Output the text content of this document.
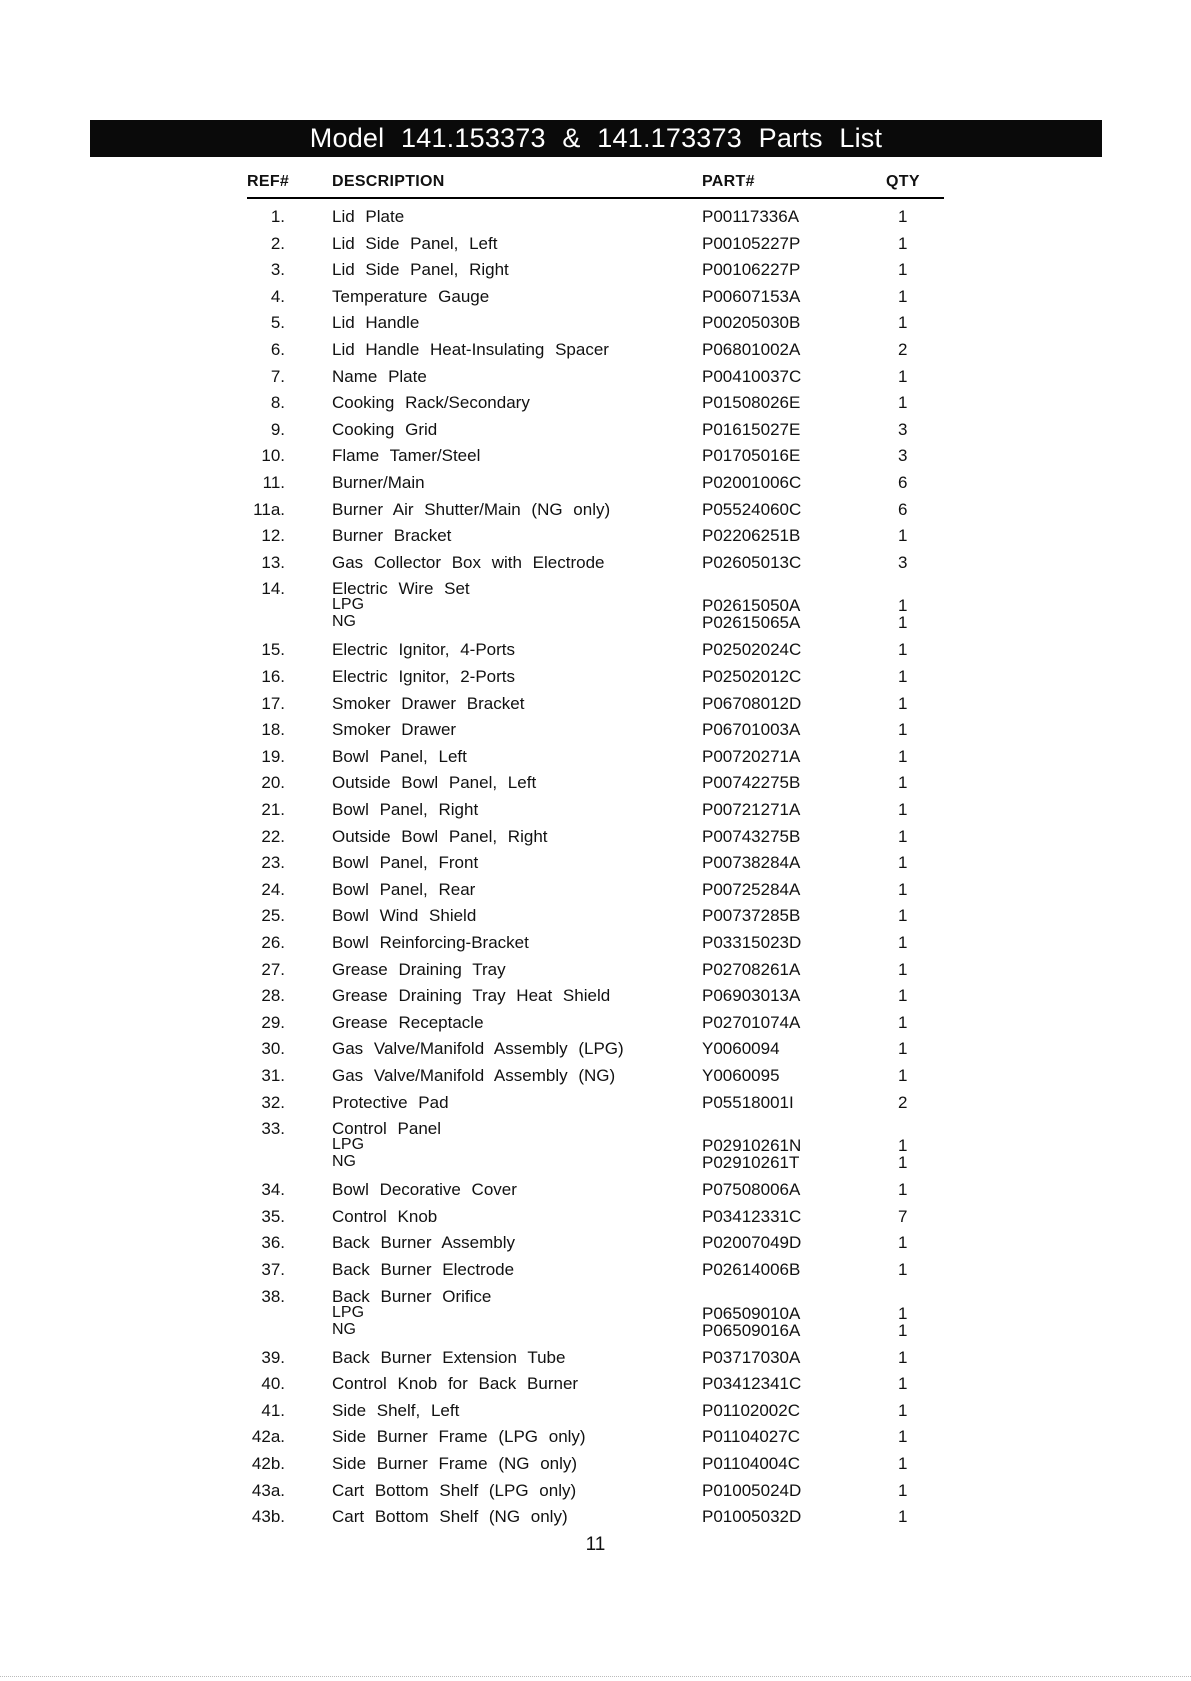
Model 141.153373 & 141.173373 Parts List
REF#	DESCRIPTION	PART#	QTY
1.	Lid Plate	P00117336A	1
2.	Lid Side Panel, Left	P00105227P	1
3.	Lid Side Panel, Right	P00106227P	1
4.	Temperature Gauge	P00607153A	1
5.	Lid Handle	P00205030B	1
6.	Lid Handle Heat-Insulating Spacer	P06801002A	2
7.	Name Plate	P00410037C	1
8.	Cooking Rack/Secondary	P01508026E	1
9.	Cooking Grid	P01615027E	3
10.	Flame Tamer/Steel	P01705016E	3
11.	Burner/Main	P02001006C	6
11a.	Burner Air Shutter/Main (NG only)	P05524060C	6
12.	Burner Bracket	P02206251B	1
13.	Gas Collector Box with Electrode	P02605013C	3
14.	Electric Wire Set
LPG	P02615050A	1
NG	P02615065A	1
15.	Electric Ignitor, 4-Ports	P02502024C	1
16.	Electric Ignitor, 2-Ports	P02502012C	1
17.	Smoker Drawer Bracket	P06708012D	1
18.	Smoker Drawer	P06701003A	1
19.	Bowl Panel, Left	P00720271A	1
20.	Outside Bowl Panel, Left	P00742275B	1
21.	Bowl Panel, Right	P00721271A	1
22.	Outside Bowl Panel, Right	P00743275B	1
23.	Bowl Panel, Front	P00738284A	1
24.	Bowl Panel, Rear	P00725284A	1
25.	Bowl Wind Shield	P00737285B	1
26.	Bowl Reinforcing-Bracket	P03315023D	1
27.	Grease Draining Tray	P02708261A	1
28.	Grease Draining Tray Heat Shield	P06903013A	1
29.	Grease Receptacle	P02701074A	1
30.	Gas Valve/Manifold Assembly (LPG)	Y0060094	1
31.	Gas Valve/Manifold Assembly (NG)	Y0060095	1
32.	Protective Pad	P05518001I	2
33.	Control Panel
LPG	P02910261N	1
NG	P02910261T	1
34.	Bowl Decorative Cover	P07508006A	1
35.	Control Knob	P03412331C	7
36.	Back Burner Assembly	P02007049D	1
37.	Back Burner Electrode	P02614006B	1
38.	Back Burner Orifice
LPG	P06509010A	1
NG	P06509016A	1
39.	Back Burner Extension Tube	P03717030A	1
40.	Control Knob for Back Burner	P03412341C	1
41.	Side Shelf, Left	P01102002C	1
42a.	Side Burner Frame (LPG only)	P01104027C	1
42b.	Side Burner Frame (NG only)	P01104004C	1
43a.	Cart Bottom Shelf (LPG only)	P01005024D	1
43b.	Cart Bottom Shelf (NG only)	P01005032D	1
11
